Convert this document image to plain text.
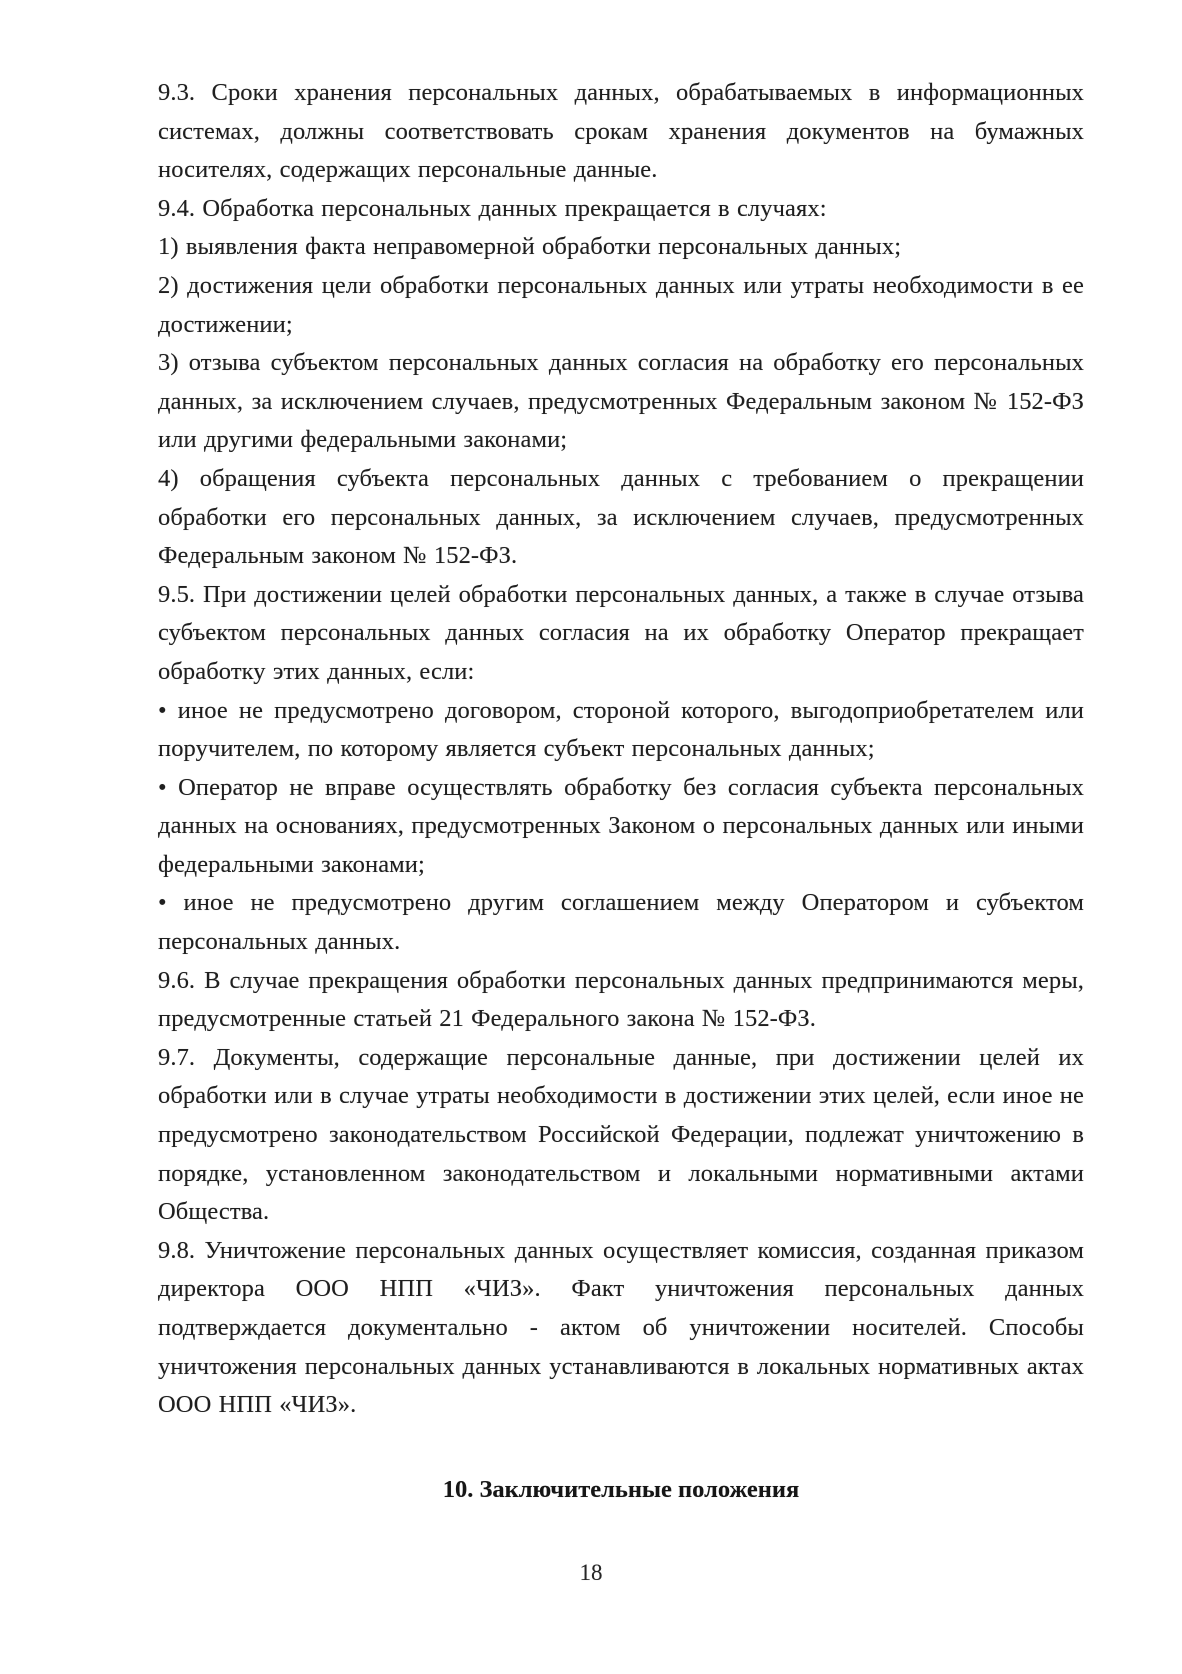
9.3. Сроки хранения персональных данных, обрабатываемых в информационных системах, должны соответствовать срокам хранения документов на бумажных носителях, содержащих персональные данные.

9.4. Обработка персональных данных прекращается в случаях:

1) выявления факта неправомерной обработки персональных данных;

2) достижения цели обработки персональных данных или утраты необходимости в ее достижении;

3) отзыва субъектом персональных данных согласия на обработку его персональных данных, за исключением случаев, предусмотренных Федеральным законом № 152-ФЗ или другими федеральными законами;

4) обращения субъекта персональных данных с требованием о прекращении обработки его персональных данных, за исключением случаев, предусмотренных Федеральным законом № 152-ФЗ.

9.5. При достижении целей обработки персональных данных, а также в случае отзыва субъектом персональных данных согласия на их обработку Оператор прекращает обработку этих данных, если:

• иное не предусмотрено договором, стороной которого, выгодоприобретателем или поручителем, по которому является субъект персональных данных;

• Оператор не вправе осуществлять обработку без согласия субъекта персональных данных на основаниях, предусмотренных Законом о персональных данных или иными федеральными законами;

• иное не предусмотрено другим соглашением между Оператором и субъектом персональных данных.

9.6. В случае прекращения обработки персональных данных предпринимаются меры, предусмотренные статьей 21 Федерального закона № 152-ФЗ.

9.7. Документы, содержащие персональные данные, при достижении целей их обработки или в случае утраты необходимости в достижении этих целей, если иное не предусмотрено законодательством Российской Федерации, подлежат уничтожению в порядке, установленном законодательством и локальными нормативными актами Общества.

9.8. Уничтожение персональных данных осуществляет комиссия, созданная приказом директора ООО НПП «ЧИЗ». Факт уничтожения персональных данных подтверждается документально - актом об уничтожении носителей. Способы уничтожения персональных данных устанавливаются в локальных нормативных актах ООО НПП «ЧИЗ».

10. Заключительные положения
18
